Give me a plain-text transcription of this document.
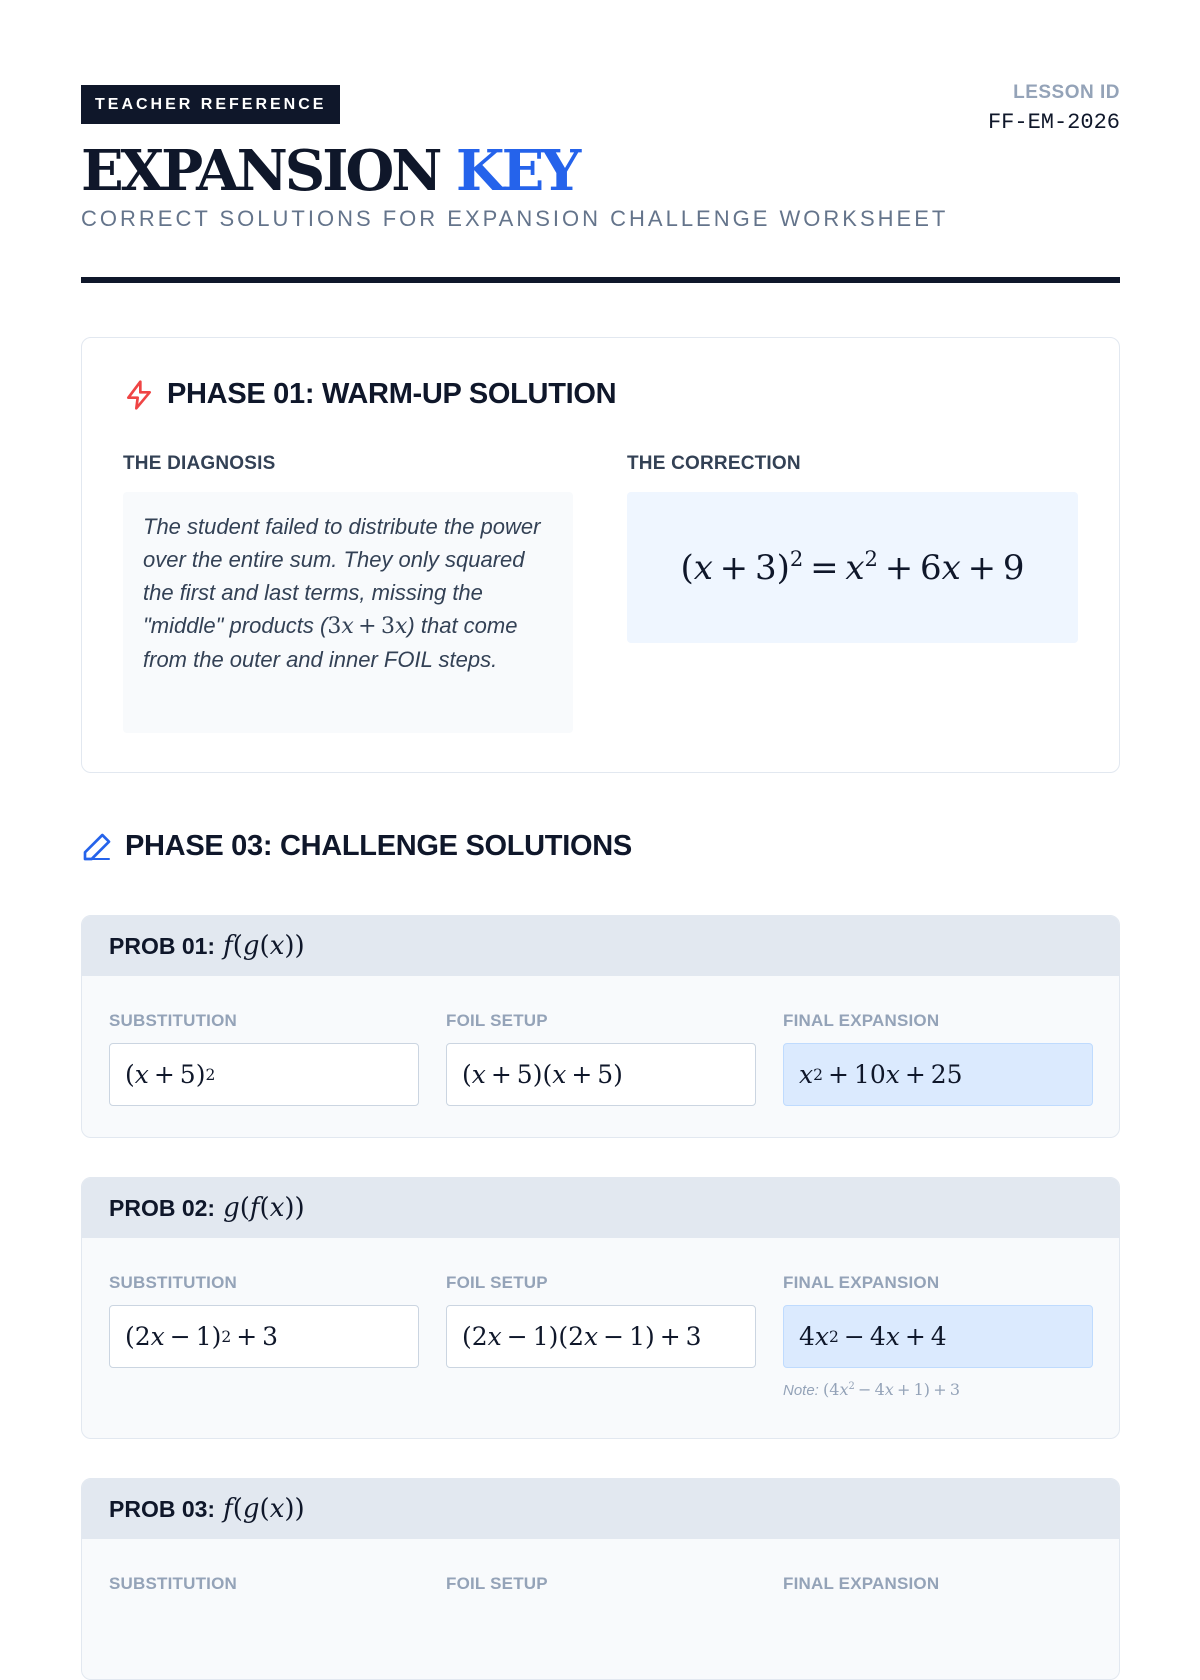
TEACHER REFERENCE
LESSON ID
FF-EM-2026
EXPANSION KEY
CORRECT SOLUTIONS FOR EXPANSION CHALLENGE WORKSHEET
PHASE 01: WARM-UP SOLUTION
THE DIAGNOSIS	THE CORRECTION
The student failed to distribute the power over the entire sum. They only squared the first and last terms, missing the "middle" products (3x + 3x) that come from the outer and inner FOIL steps.
$(x + 3)^2 = x^2 + 6x + 9$
PHASE 03: CHALLENGE SOLUTIONS
PROB 01: f(g(x))
SUBSTITUTION
( x  + 5) 2
FOIL SETUP
( x  + 5)( x  + 5)
FINAL EXPANSION
x 2  + 10 x  + 25
PROB 02: g(f(x))
SUBSTITUTION
(2 x  − 1) 2  + 3
FOIL SETUP
(2 x  − 1)(2 x  − 1) + 3
FINAL EXPANSION
4 x 2  − 4 x  + 4
Note: $(4x^2 - 4x + 1) + 3$
PROB 03: f(g(x))
SUBSTITUTION	FOIL SETUP	FINAL EXPANSION
